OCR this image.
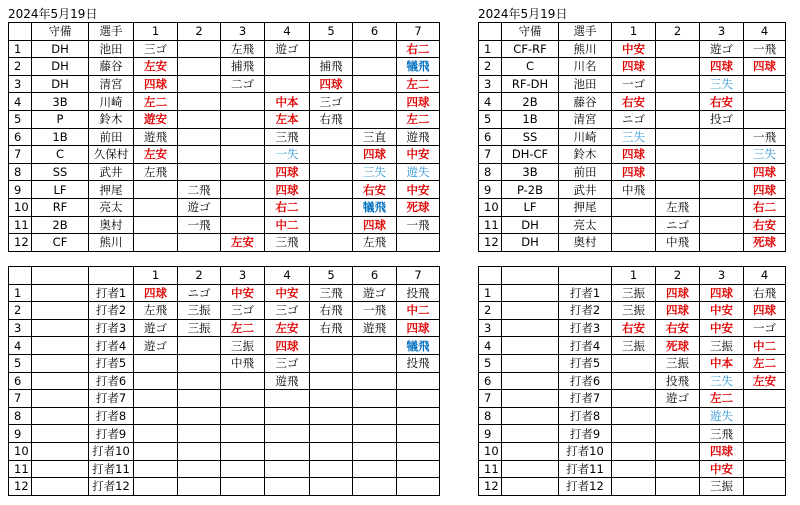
2024年5月19日
	守備	選手	1	2	3	4	5	6	7
1	DH	池田	三ゴ		左飛	遊ゴ			右二
2	DH	藤谷	左安		捕飛		捕飛		犠飛
3	DH	清宮	四球		二ゴ		四球		左二
4	3B	川崎	左二			中本	三ゴ		四球
5	P	鈴木	遊安			左本	右飛		左二
6	1B	前田	遊飛			三飛		三直	遊飛
7	C	久保村	左安			一失		四球	中安
8	SS	武井	左飛			四球		三失	遊失
9	LF	押尾		二飛		四球		右安	中安
10	RF	亮太		遊ゴ		右二		犠飛	死球
11	2B	奥村		一飛		中二		四球	一飛
12	CF	熊川			左安	三飛		左飛	
2024年5月19日
	守備	選手	1	2	3	4
1	CF-RF	熊川	中安		遊ゴ	一飛
2	C	川名	四球		四球	四球
3	RF-DH	池田	一ゴ		三失	
4	2B	藤谷	右安		右安	
5	1B	清宮	ニゴ		投ゴ	
6	SS	川崎	三失			一飛
7	DH-CF	鈴木	四球			三失
8	3B	前田	四球			四球
9	P-2B	武井	中飛			四球
10	LF	押尾		左飛		右二
11	DH	亮太		ニゴ		右安
12	DH	奥村		中飛		死球
			1	2	3	4	5	6	7
1		打者1	四球	ニゴ	中安	中安	三飛	遊ゴ	投飛
2		打者2	左飛	三振	三ゴ	三ゴ	右飛	一飛	中二
3		打者3	遊ゴ	三振	左二	左安	右飛	遊飛	四球
4		打者4	遊ゴ		三振	四球			犠飛
5		打者5			中飛	三ゴ			投飛
6		打者6				遊飛			
7		打者7							
8		打者8							
9		打者9							
10		打者10							
11		打者11							
12		打者12							
			1	2	3	4
1		打者1	三振	四球	四球	右飛
2		打者2	三振	四球	中安	四球
3		打者3	右安	右安	中安	一ゴ
4		打者4	三振	死球	三振	中二
5		打者5		三振	中本	左二
6		打者6		投飛	三失	左安
7		打者7		遊ゴ	左二	
8		打者8			遊失	
9		打者9			三飛	
10		打者10			四球	
11		打者11			中安	
12		打者12			三振	
